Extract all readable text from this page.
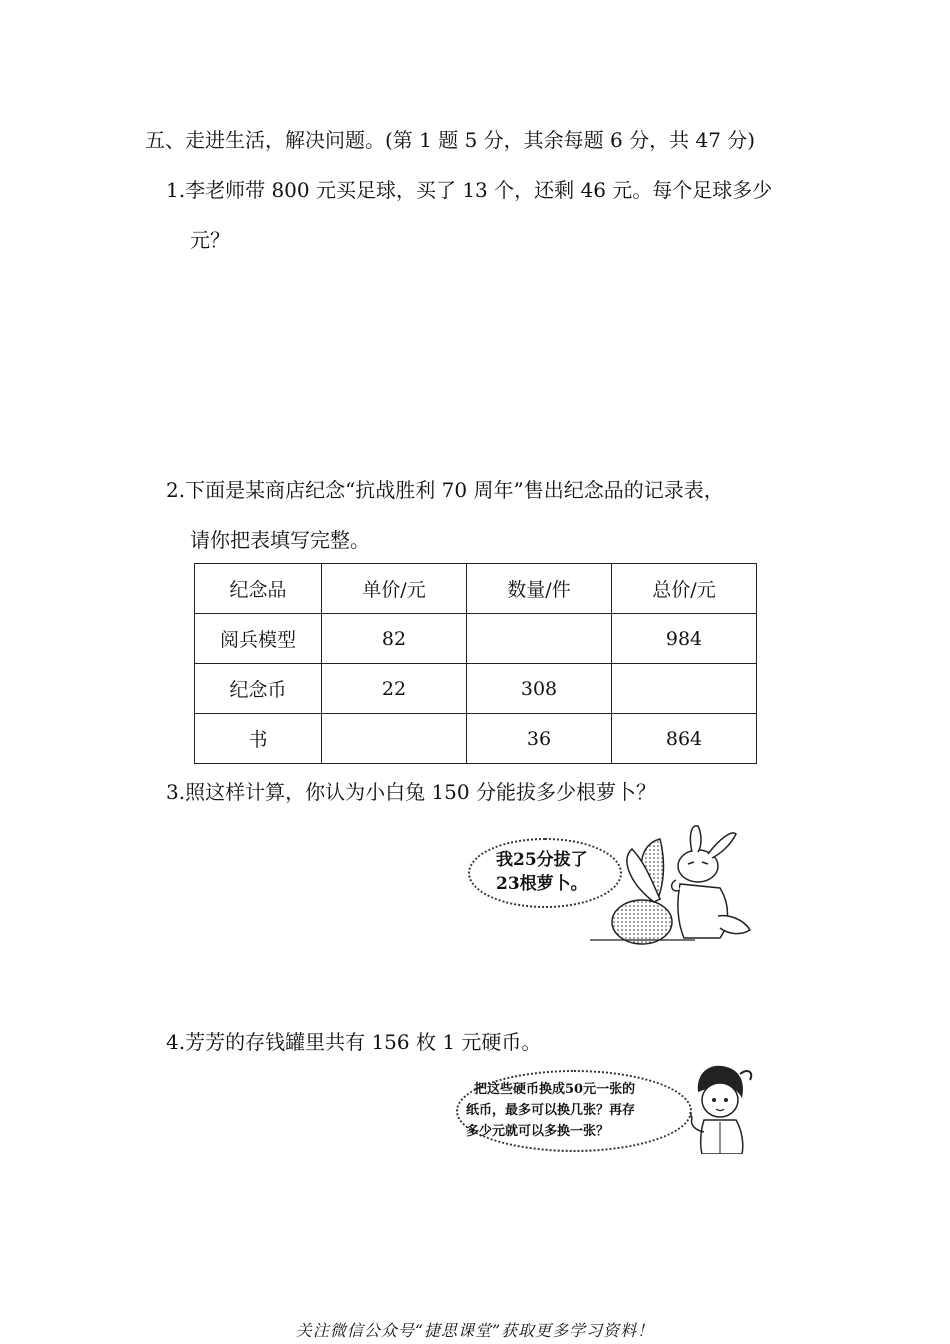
五、走进生活，解决问题。(第 1 题 5 分，其余每题 6 分，共 47 分)
1.李老师带 800 元买足球，买了 13 个，还剩 46 元。每个足球多少
元？
2.下面是某商店纪念“抗战胜利 70 周年”售出纪念品的记录表，
请你把表填写完整。
纪念品	单价/元	数量/件	总价/元
阅兵模型	82		984
纪念币	22	308	
书		36	864
3.照这样计算，你认为小白兔 150 分能拔多少根萝卜？
我25分拔了
23根萝卜。
4.芳芳的存钱罐里共有 156 枚 1 元硬币。
把这些硬币换成50元一张的
纸币，最多可以换几张？再存
多少元就可以多换一张？
关注微信公众号“捷思课堂”获取更多学习资料！
